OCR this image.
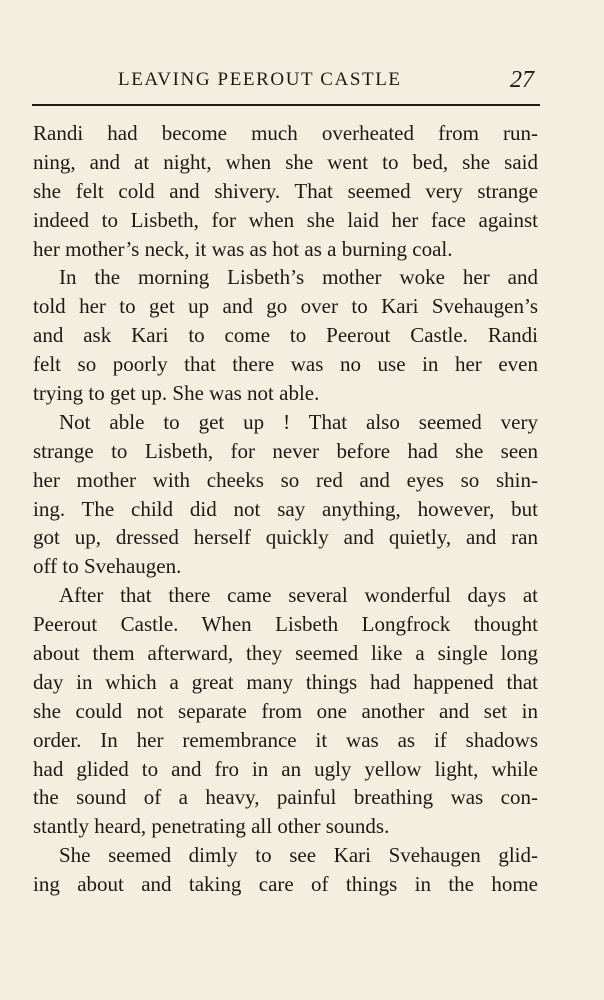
LEAVING PEEROUT CASTLE	27
Randi had become much overheated from run-
ning, and at night, when she went to bed, she said
she felt cold and shivery. That seemed very strange
indeed to Lisbeth, for when she laid her face against
her mother’s neck, it was as hot as a burning coal.
In the morning Lisbeth’s mother woke her and
told her to get up and go over to Kari Svehaugen’s
and ask Kari to come to Peerout Castle. Randi
felt so poorly that there was no use in her even
trying to get up. She was not able.
Not able to get up ! That also seemed very
strange to Lisbeth, for never before had she seen
her mother with cheeks so red and eyes so shin-
ing. The child did not say anything, however, but
got up, dressed herself quickly and quietly, and ran
off to Svehaugen.
After that there came several wonderful days at
Peerout Castle. When Lisbeth Longfrock thought
about them afterward, they seemed like a single long
day in which a great many things had happened that
she could not separate from one another and set in
order. In her remembrance it was as if shadows
had glided to and fro in an ugly yellow light, while
the sound of a heavy, painful breathing was con-
stantly heard, penetrating all other sounds.
She seemed dimly to see Kari Svehaugen glid-
ing about and taking care of things in the home
